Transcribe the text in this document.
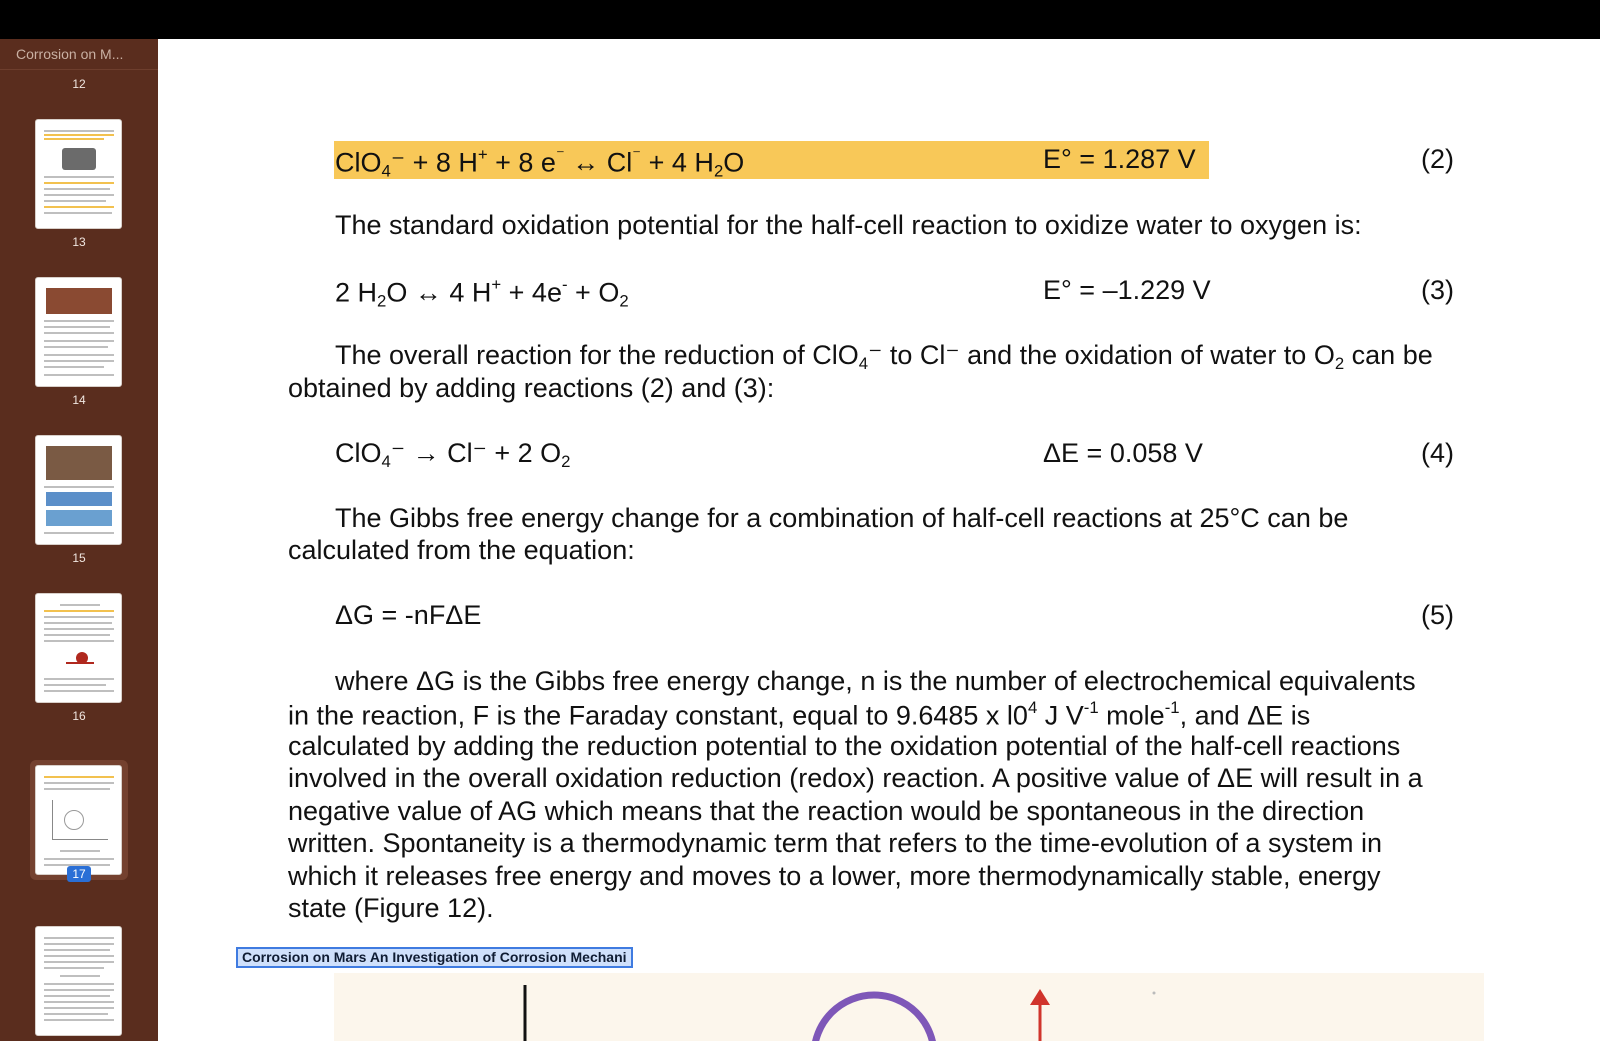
Corrosion on M...
12
13
14
15
16
17
ClO$_4$⁻ + 8 H+ + 8 e⁻ ↔ Cl⁻ + 4 $H_2O$	E° = 1.287 V	(2)
The standard oxidation potential for the half-cell reaction to oxidize water to oxygen is:
2 $H_2O$ ↔ 4 $H^+ + 4e^- + O_2$	E° = –1.229 V	(3)
The overall reaction for the reduction of ClO$_4$⁻ to Cl⁻ and the oxidation of water to $O_2$ can be
obtained by adding reactions (2) and (3):
ClO$_4$⁻ → Cl⁻ + 2 $O_2$	ΔE = 0.058 V	(4)
The Gibbs free energy change for a combination of half-cell reactions at 25°C can be
calculated from the equation:
ΔG = -nFΔE	(5)
where ΔG is the Gibbs free energy change, n is the number of electrochemical equivalents
in the reaction, F is the Faraday constant, equal to 9.6485 x $l0^4$ J $V^{-1}$ mole$^{-1}$, and ΔE is
calculated by adding the reduction potential to the oxidation potential of the half-cell reactions
involved in the overall oxidation reduction (redox) reaction. A positive value of ΔE will result in a
negative value of AG which means that the reaction would be spontaneous in the direction
written. Spontaneity is a thermodynamic term that refers to the time-evolution of a system in
which it releases free energy and moves to a lower, more thermodynamically stable, energy
state (Figure 12).
Corrosion on Mars An Investigation of Corrosion Mechani
